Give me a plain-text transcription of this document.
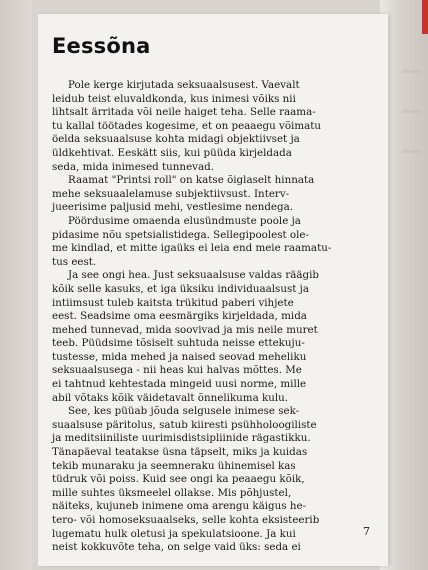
Eessõna
Pole kerge kirjutada seksuaalsusest. Vaevalt
leidub teist eluvaldkonda, kus inimesi võiks nii
lihtsalt ärritada või neile haiget teha. Selle raama-
tu kallal töötades kogesime, et on peaaegu võimatu
öelda seksuaalsuse kohta midagi objektiivset ja
üldkehtivat. Eeskätt siis, kui püüda kirjeldada
seda, mida inimesed tunnevad.
Raamat "Printsi roll" on katse õiglaselt hinnata
mehe seksuaalelamuse subjektiivsust. Interv-
jueerisime paljusid mehi, vestlesime nendega.
Pöördusime omaenda elusündmuste poole ja
pidasime nõu spetsialistidega. Sellegipoolest ole-
me kindlad, et mitte igaüks ei leia end meie raamatu-
tus eest.
Ja see ongi hea. Just seksuaalsuse valdas räägib
kõik selle kasuks, et iga üksiku individuaalsust ja
intiimsust tuleb kaitsta trükitud paberi vihjete
eest. Seadsime oma eesmärgiks kirjeldada, mida
mehed tunnevad, mida soovivad ja mis neile muret
teeb. Püüdsime tõsiselt suhtuda neisse ettekuju-
tustesse, mida mehed ja naised seovad meheliku
seksuaalsusega - nii heas kui halvas mõttes. Me
ei tahtnud kehtestada mingeid uusi norme, mille
abil võtaks kõik väidetavalt õnnelikuma kulu.
See, kes püüab jõuda selgusele inimese sek-
suaalsuse päritolus, satub kiiresti psühholoogiliste
ja meditsiiniliste uurimisdistsipliinide rägastikku.
Tänapäeval teatakse üsna täpselt, miks ja kuidas
tekib munaraku ja seemneraku ühinemisel kas
tüdruk või poiss. Kuid see ongi ka peaaegu kõik,
mille suhtes üksmeelel ollakse. Mis põhjustel,
näiteks, kujuneb inimene oma arengu käigus he-
tero- või homoseksuaalseks, selle kohta eksisteerib
lugematu hulk oletusi ja spekulatsioone. Ja kui
neist kokkuvõte teha, on selge vaid üks: seda ei
7
